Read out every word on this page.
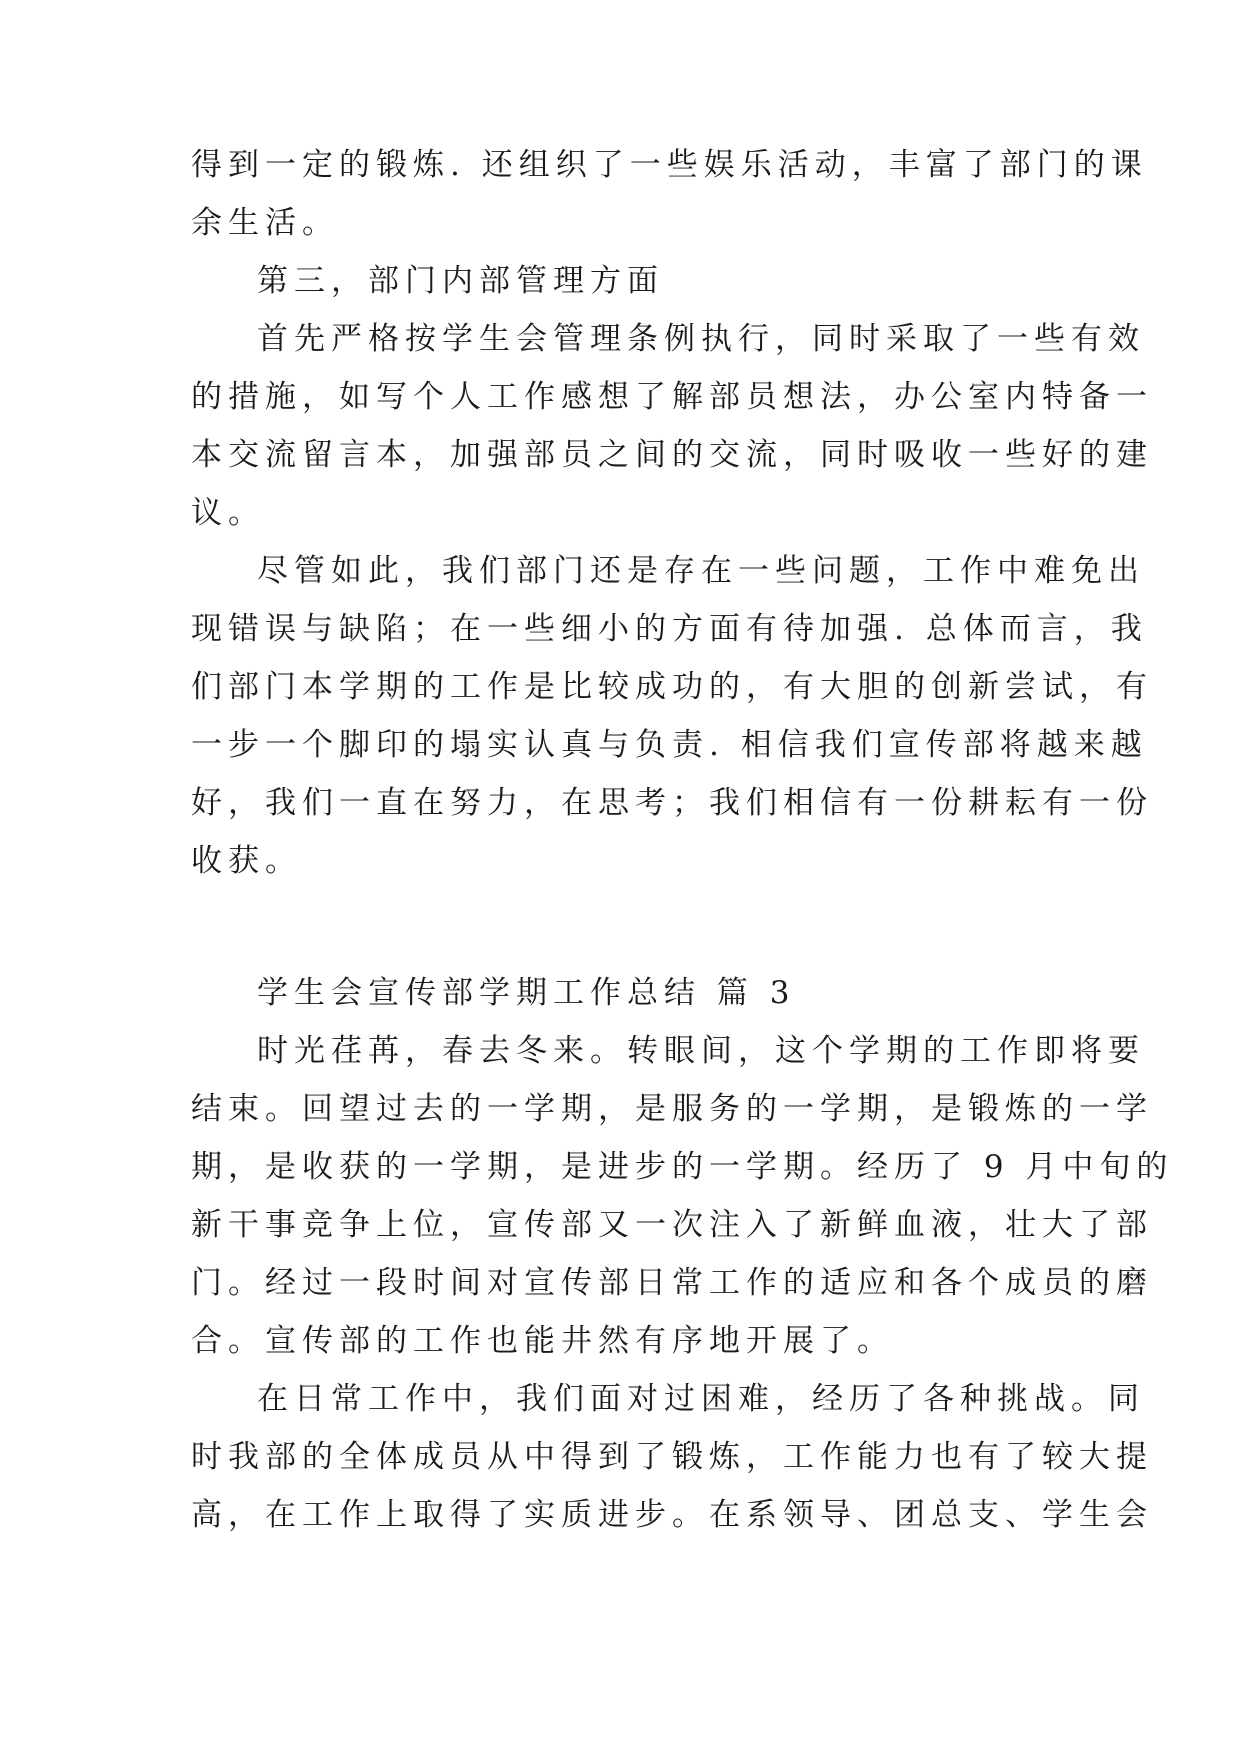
得到一定的锻炼. 还组织了一些娱乐活动，丰富了部门的课
余生活。
第三，部门内部管理方面
首先严格按学生会管理条例执行，同时采取了一些有效
的措施，如写个人工作感想了解部员想法，办公室内特备一
本交流留言本，加强部员之间的交流，同时吸收一些好的建
议。
尽管如此，我们部门还是存在一些问题，工作中难免出
现错误与缺陷；在一些细小的方面有待加强. 总体而言，我
们部门本学期的工作是比较成功的，有大胆的创新尝试，有
一步一个脚印的塌实认真与负责. 相信我们宣传部将越来越
好，我们一直在努力，在思考；我们相信有一份耕耘有一份
收获。
学生会宣传部学期工作总结 篇 3
时光荏苒，春去冬来。转眼间，这个学期的工作即将要
结束。回望过去的一学期，是服务的一学期，是锻炼的一学
期，是收获的一学期，是进步的一学期。经历了 9 月中旬的
新干事竞争上位，宣传部又一次注入了新鲜血液，壮大了部
门。经过一段时间对宣传部日常工作的适应和各个成员的磨
合。宣传部的工作也能井然有序地开展了。
在日常工作中，我们面对过困难，经历了各种挑战。同
时我部的全体成员从中得到了锻炼，工作能力也有了较大提
高，在工作上取得了实质进步。在系领导、团总支、学生会
